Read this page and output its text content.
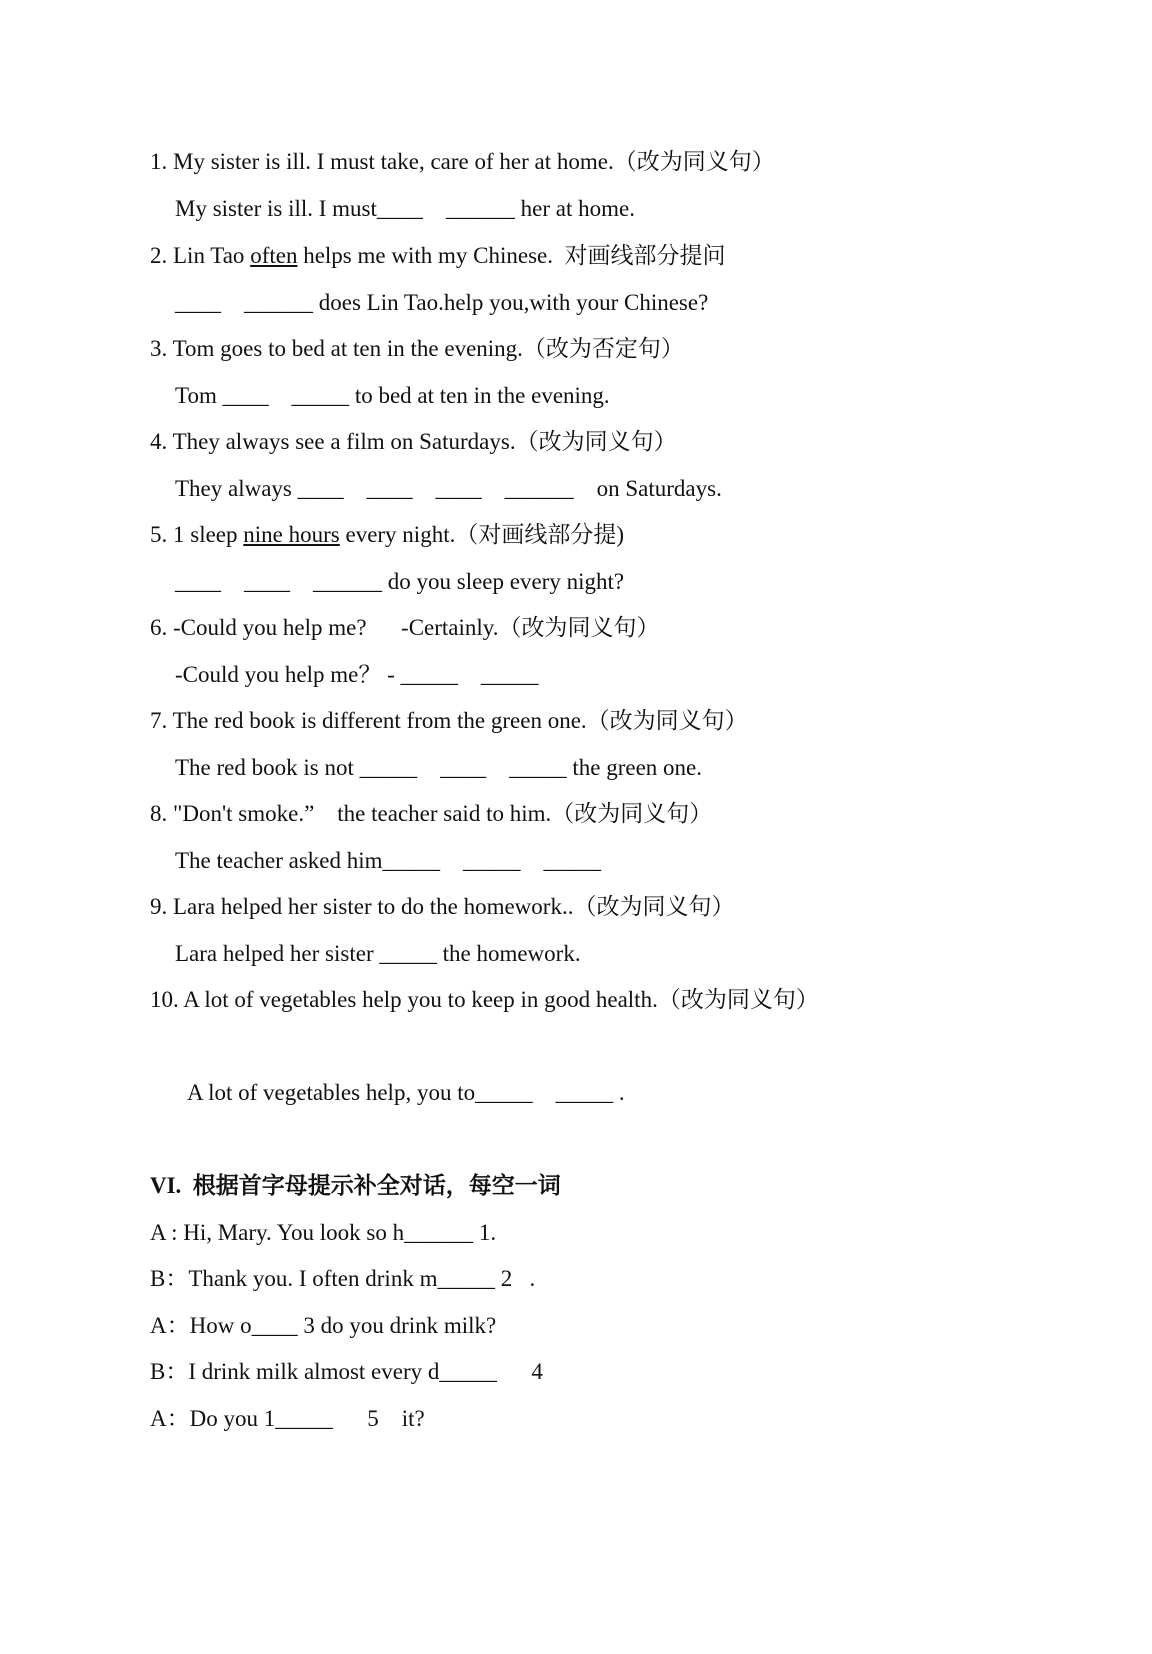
1. My sister is ill. I must take, care of her at home.（改为同义句）
My sister is ill. I must____    ______ her at home.
2. Lin Tao often helps me with my Chinese.  对画线部分提问
____    ______ does Lin Tao.help you,with your Chinese?
3. Tom goes to bed at ten in the evening.（改为否定句）
Tom ____    _____ to bed at ten in the evening.
4. They always see a film on Saturdays.（改为同义句）
They always ____    ____    ____    ______    on Saturdays.
5. 1 sleep nine hours every night.（对画线部分提)
____    ____    ______ do you sleep every night?
6. -Could you help me?      -Certainly.（改为同义句）
-Could you help me？ - _____    _____
7. The red book is different from the green one.（改为同义句）
The red book is not _____    ____    _____ the green one.
8. "Don't smoke.”    the teacher said to him.（改为同义句）
The teacher asked him_____    _____    _____
9. Lara helped her sister to do the homework..（改为同义句）
Lara helped her sister _____ the homework.
10. A lot of vegetables help you to keep in good health.（改为同义句）
A lot of vegetables help, you to_____    _____ .
VI.  根据首字母提示补全对话，每空一词
A : Hi, Mary. You look so h______ 1.
B：Thank you. I often drink m_____ 2   .
A：How o____ 3 do you drink milk?
B：I drink milk almost every d_____      4
A：Do you 1_____      5    it?
